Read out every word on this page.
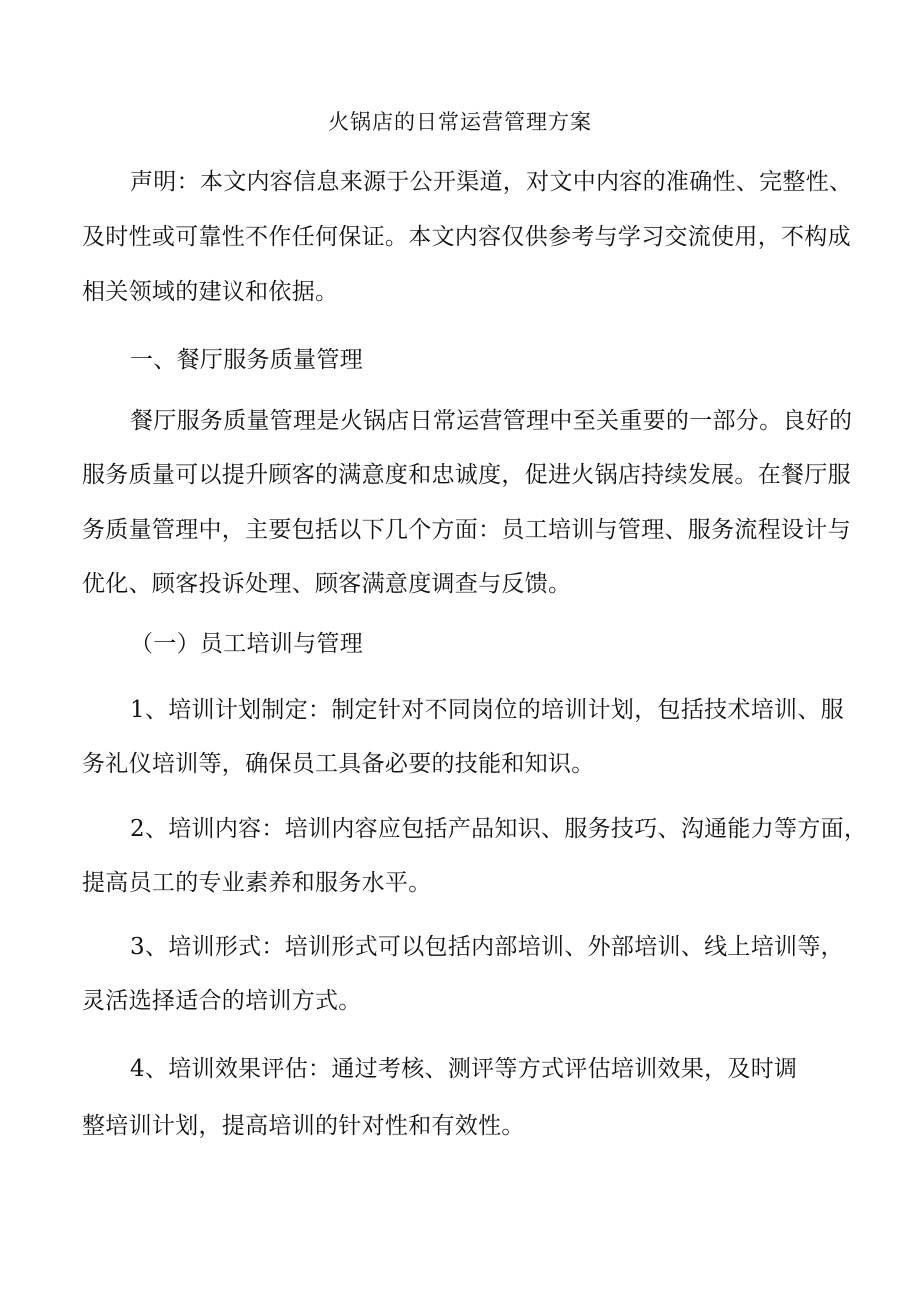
火锅店的日常运营管理方案
声明：本文内容信息来源于公开渠道，对文中内容的准确性、完整性、
及时性或可靠性不作任何保证。本文内容仅供参考与学习交流使用，不构成
相关领域的建议和依据。
一、餐厅服务质量管理
餐厅服务质量管理是火锅店日常运营管理中至关重要的一部分。良好的
服务质量可以提升顾客的满意度和忠诚度，促进火锅店持续发展。在餐厅服
务质量管理中，主要包括以下几个方面：员工培训与管理、服务流程设计与
优化、顾客投诉处理、顾客满意度调查与反馈。
（一）员工培训与管理
1、培训计划制定：制定针对不同岗位的培训计划，包括技术培训、服
务礼仪培训等，确保员工具备必要的技能和知识。
2、培训内容：培训内容应包括产品知识、服务技巧、沟通能力等方面，
提高员工的专业素养和服务水平。
3、培训形式：培训形式可以包括内部培训、外部培训、线上培训等，
灵活选择适合的培训方式。
4、培训效果评估：通过考核、测评等方式评估培训效果，及时调
整培训计划，提高培训的针对性和有效性。
